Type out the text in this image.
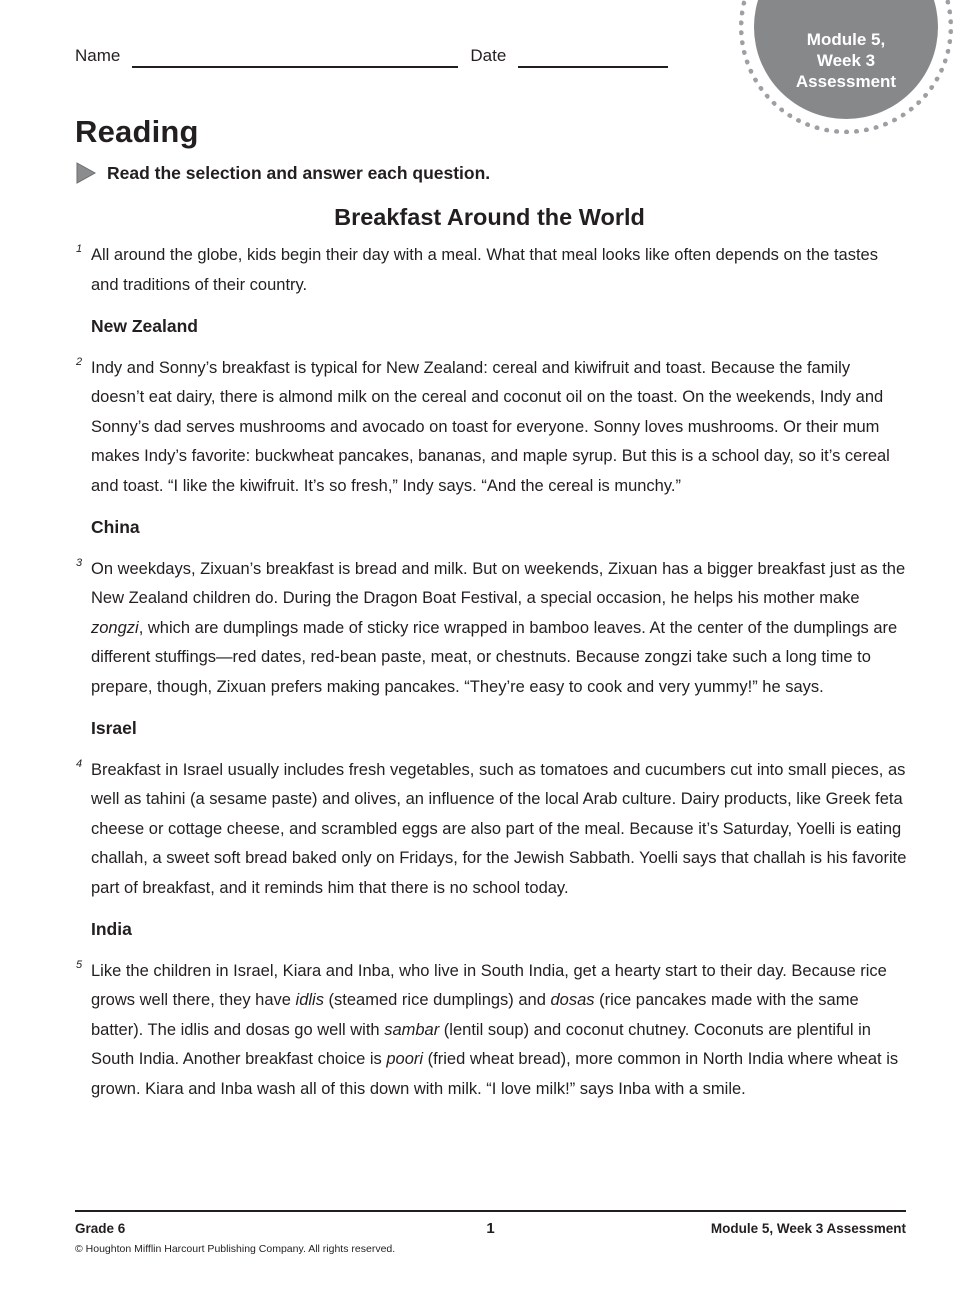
Module 5,
Week 3
Assessment
Name	Date
Reading
Read the selection and answer each question.
Breakfast Around the World

1 All around the globe, kids begin their day with a meal. What that meal looks like often depends on the tastes and traditions of their country.

New Zealand

2 Indy and Sonny’s breakfast is typical for New Zealand: cereal and kiwifruit and toast. Because the family doesn’t eat dairy, there is almond milk on the cereal and coconut oil on the toast. On the weekends, Indy and Sonny’s dad serves mushrooms and avocado on toast for everyone. Sonny loves mushrooms. Or their mum makes Indy’s favorite: buckwheat pancakes, bananas, and maple syrup. But this is a school day, so it’s cereal and toast. “I like the kiwifruit. It’s so fresh,” Indy says. “And the cereal is munchy.”

China

3 On weekdays, Zixuan’s breakfast is bread and milk. But on weekends, Zixuan has a bigger breakfast just as the New Zealand children do. During the Dragon Boat Festival, a special occasion, he helps his mother make zongzi, which are dumplings made of sticky rice wrapped in bamboo leaves. At the center of the dumplings are different stuffings—red dates, red-bean paste, meat, or chestnuts. Because zongzi take such a long time to prepare, though, Zixuan prefers making pancakes. “They’re easy to cook and very yummy!” he says.

Israel

4 Breakfast in Israel usually includes fresh vegetables, such as tomatoes and cucumbers cut into small pieces, as well as tahini (a sesame paste) and olives, an influence of the local Arab culture. Dairy products, like Greek feta cheese or cottage cheese, and scrambled eggs are also part of the meal. Because it’s Saturday, Yoelli is eating challah, a sweet soft bread baked only on Fridays, for the Jewish Sabbath. Yoelli says that challah is his favorite part of breakfast, and it reminds him that there is no school today.

India

5 Like the children in Israel, Kiara and Inba, who live in South India, get a hearty start to their day. Because rice grows well there, they have idlis (steamed rice dumplings) and dosas (rice pancakes made with the same batter). The idlis and dosas go well with sambar (lentil soup) and coconut chutney. Coconuts are plentiful in South India. Another breakfast choice is poori (fried wheat bread), more common in North India where wheat is grown. Kiara and Inba wash all of this down with milk. “I love milk!” says Inba with a smile.

Grade 6	1	Module 5, Week 3 Assessment
© Houghton Mifflin Harcourt Publishing Company. All rights reserved.
